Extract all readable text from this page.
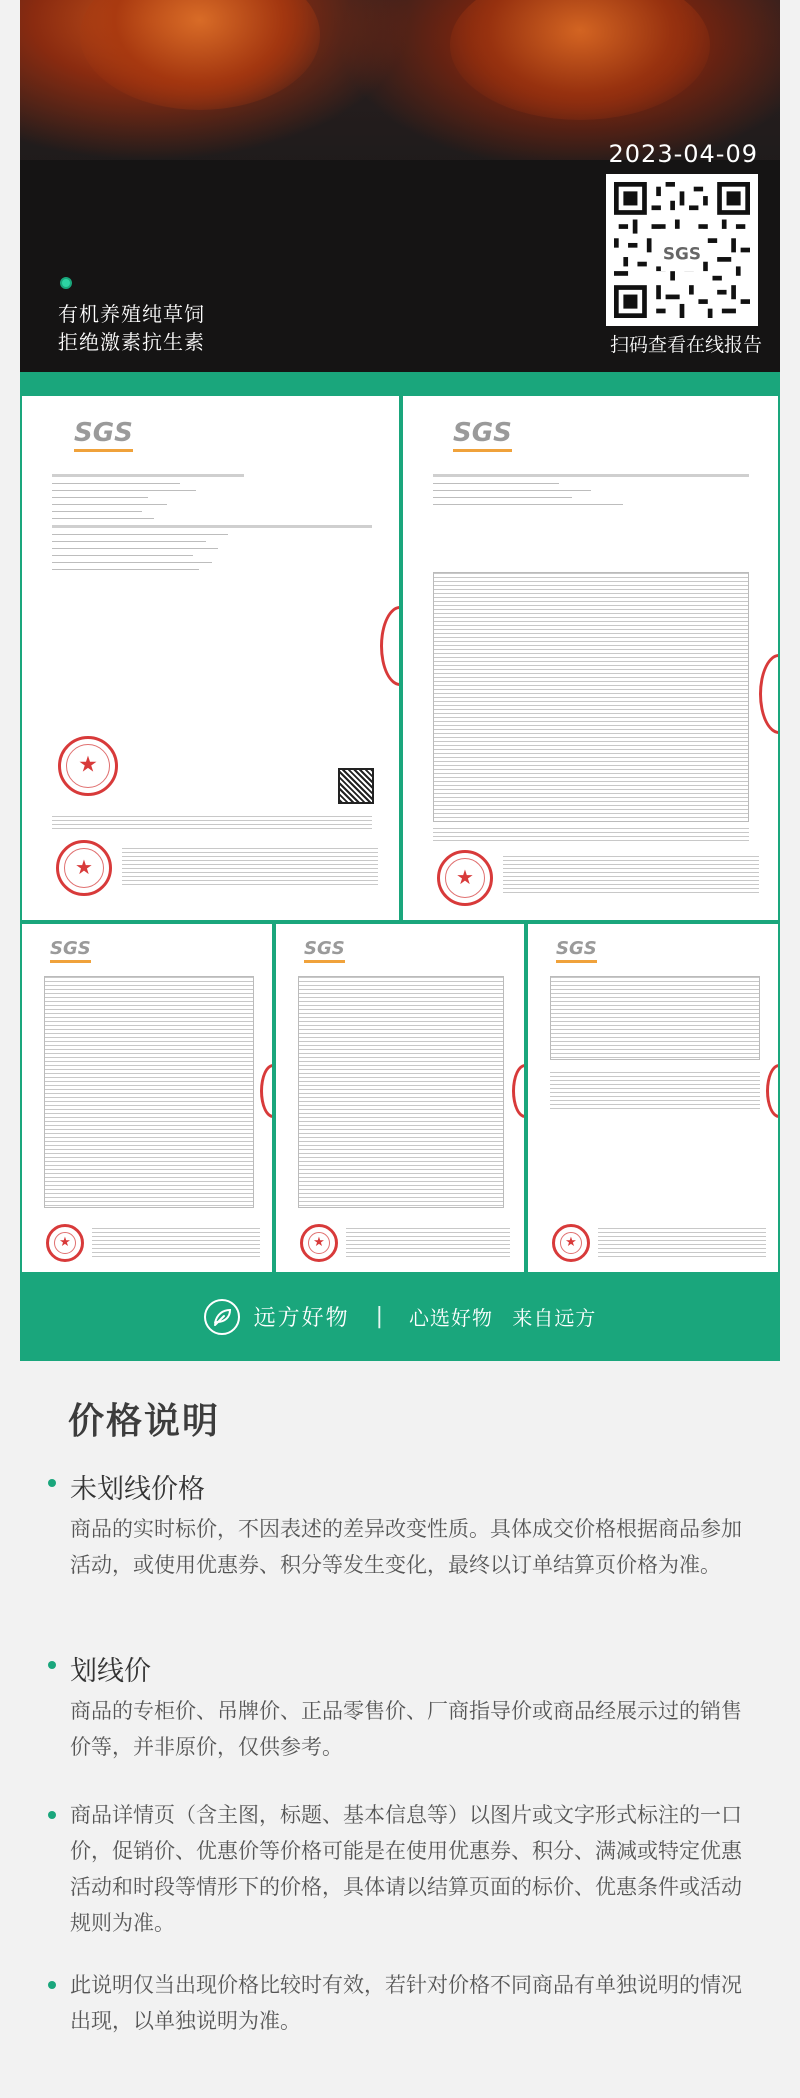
2023-04-09
SGS
扫码查看在线报告
有机养殖纯草饲
拒绝激素抗生素
SGS
★
★	SGS
★
SGS
★	SGS
★	SGS
★
远方好物 | 心选好物 来自远方
价格说明
未划线价格

商品的实时标价，不因表述的差异改变性质。具体成交价格根据商品参加活动，或使用优惠券、积分等发生变化，最终以订单结算页价格为准。

划线价

商品的专柜价、吊牌价、正品零售价、厂商指导价或商品经展示过的销售价等，并非原价，仅供参考。

商品详情页（含主图，标题、基本信息等）以图片或文字形式标注的一口价，促销价、优惠价等价格可能是在使用优惠券、积分、满减或特定优惠活动和时段等情形下的价格，具体请以结算页面的标价、优惠条件或活动规则为准。

此说明仅当出现价格比较时有效，若针对价格不同商品有单独说明的情况出现，以单独说明为准。
